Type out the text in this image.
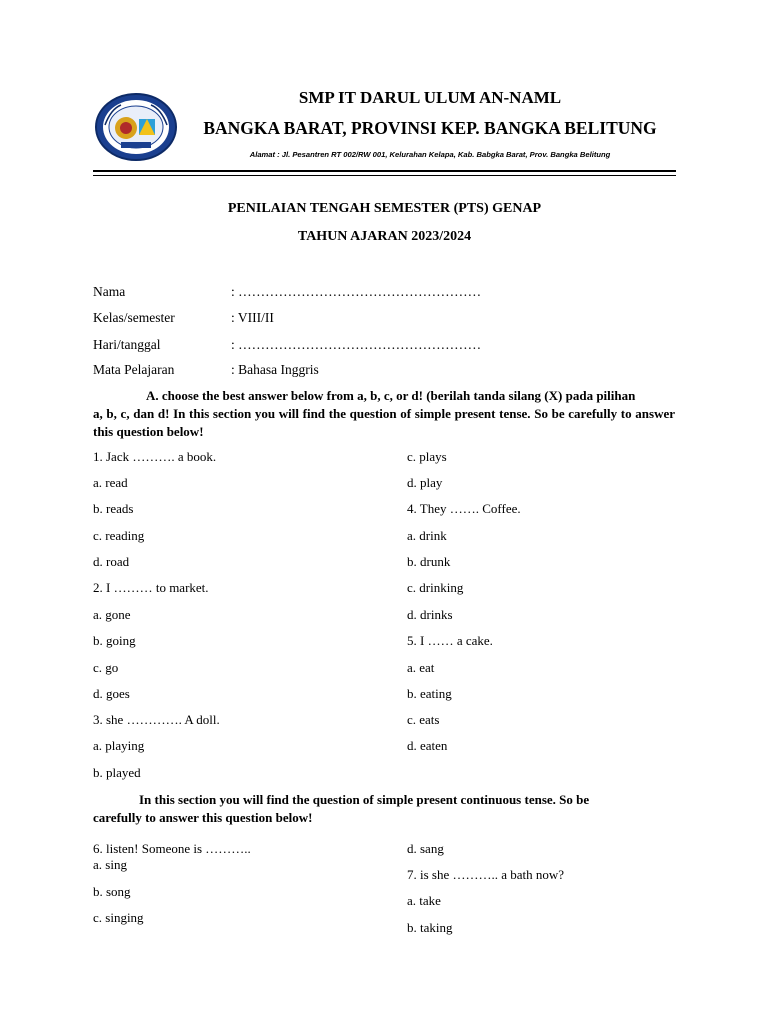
SMP IT DARUL ULUM AN-NAML
BANGKA BARAT, PROVINSI KEP. BANGKA BELITUNG
Alamat : Jl. Pesantren RT 002/RW 001, Kelurahan Kelapa, Kab. Babgka Barat, Prov. Bangka Belitung
PENILAIAN TENGAH SEMESTER (PTS) GENAP
TAHUN AJARAN 2023/2024
Nama	: ………………………………………………
Kelas/semester	: VIII/II
Hari/tanggal	: ………………………………………………
Mata Pelajaran	: Bahasa Inggris
A. choose the best answer below from a, b, c, or d! (berilah tanda silang (X) pada pilihan
a, b, c, dan d! In this section you will find the question of simple present tense. So be carefully to answer this question below!
1. Jack ………. a book.
a. read
b. reads
c. reading
d. road
2. I ……… to market.
a. gone
b. going
c. go
d. goes
3. she …………. A doll.
a. playing
b. played
c. plays
d. play
4. They ……. Coffee.
a. drink
b. drunk
c. drinking
d. drinks
5. I …… a cake.
a. eat
b. eating
c. eats
d. eaten
In this section you will find the question of simple present continuous tense. So be
carefully to answer this question below!
6. listen! Someone is ………..
a. sing
b. song
c. singing
d. sang
7. is she ……….. a bath now?
a. take
b. taking
